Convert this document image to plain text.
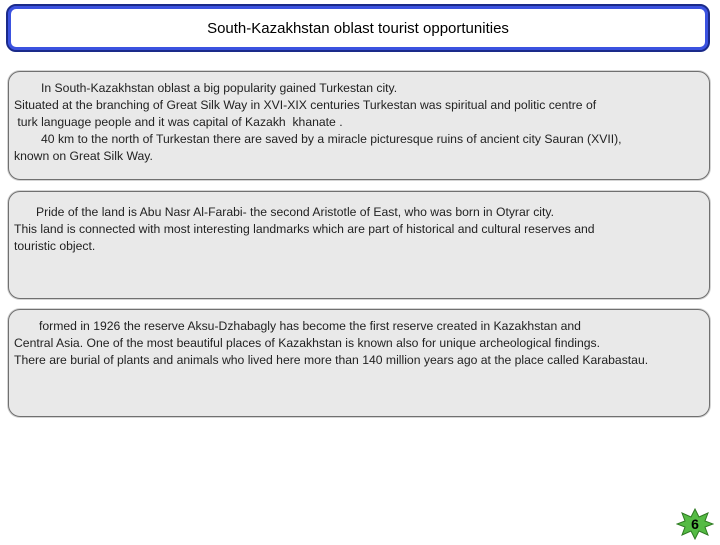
South-Kazakhstan oblast tourist opportunities
In South-Kazakhstan oblast a big popularity gained Turkestan city.
Situated at the branching of Great Silk Way in XVI-XIX centuries Turkestan was spiritual and politic centre of
turk language people and it was capital of Kazakh  khanate .
40 km to the north of Turkestan there are saved by a miracle picturesque ruins of ancient city Sauran (XVII),
known on Great Silk Way.
Pride of the land is Abu Nasr Al-Farabi- the second Aristotle of East, who was born in Otyrar city.
This land is connected with most interesting landmarks which are part of historical and cultural reserves and
touristic object.
formed in 1926 the reserve Aksu-Dzhabagly has become the first reserve created in Kazakhstan and
Central Asia. One of the most beautiful places of Kazakhstan is known also for unique archeological findings.
There are burial of plants and animals who lived here more than 140 million years ago at the place called Karabastau.
6
